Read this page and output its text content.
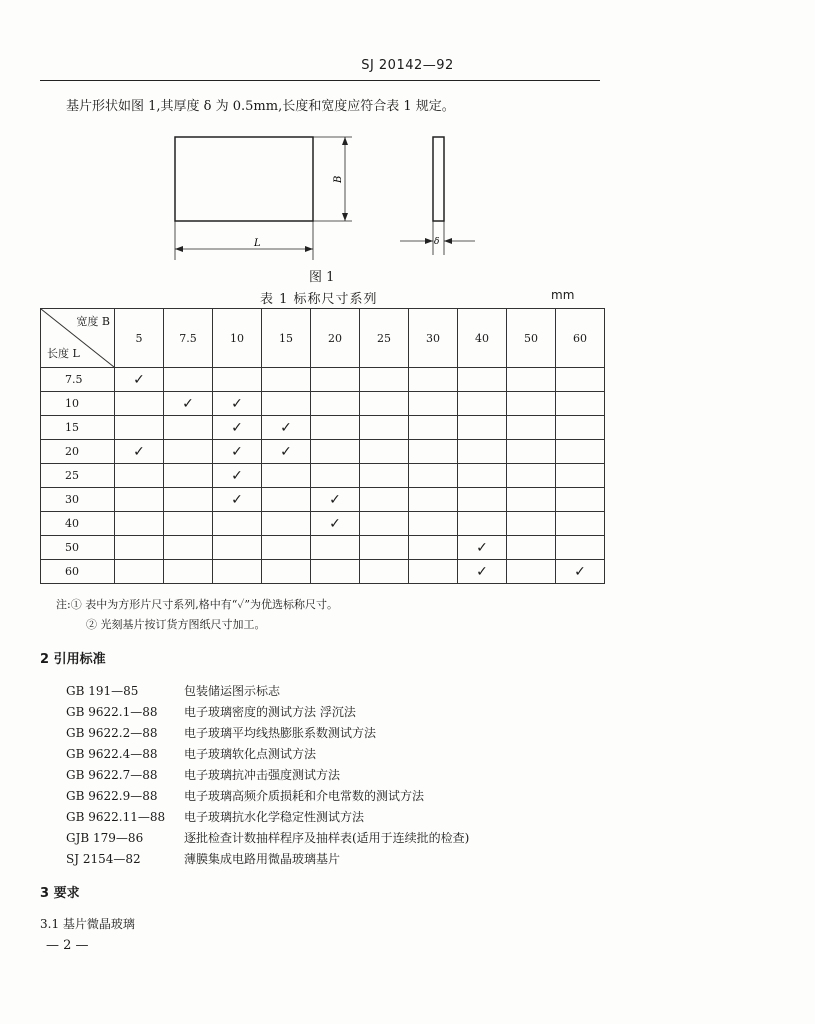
SJ 20142—92
基片形状如图 1,其厚度 δ 为 0.5mm,长度和宽度应符合表 1 规定。
B
L	δ
图 1
表 1 标称尺寸系列	mm
宽度 B
长度 L	5	7.5	10	15	20	25	30	40	50	60
7.5	✓									
10		✓	✓							
15			✓	✓						
20	✓		✓	✓						
25			✓							
30			✓		✓					
40					✓					
50								✓		
60								✓		✓
注:① 表中为方形片尺寸系列,格中有“✓”为优选标称尺寸。
② 光刻基片按订货方图纸尺寸加工。
2 引用标准
GB 191—85	包装储运图示标志
GB 9622.1—88	电子玻璃密度的测试方法 浮沉法
GB 9622.2—88	电子玻璃平均线热膨胀系数测试方法
GB 9622.4—88	电子玻璃软化点测试方法
GB 9622.7—88	电子玻璃抗冲击强度测试方法
GB 9622.9—88	电子玻璃高频介质损耗和介电常数的测试方法
GB 9622.11—88	电子玻璃抗水化学稳定性测试方法
GJB 179—86	逐批检查计数抽样程序及抽样表(适用于连续批的检查)
SJ 2154—82	薄膜集成电路用微晶玻璃基片
3 要求
3.1 基片微晶玻璃
— 2 —
